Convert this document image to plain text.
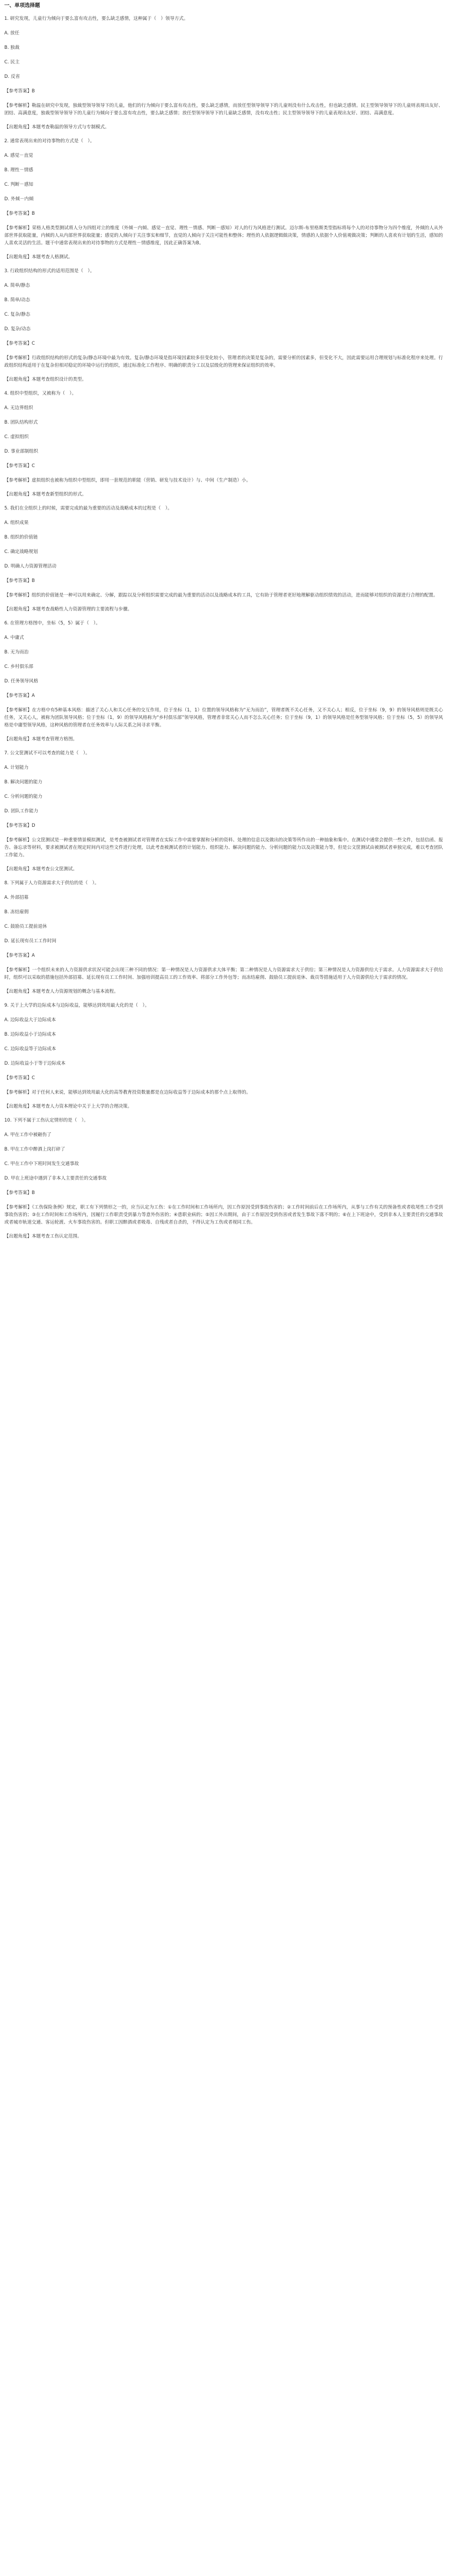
一、单项选择题
1. 研究发现，儿童行为倾向于要么富有攻击性，要么缺乏感情，这种属于（　）领导方式。
A. 放任
B. 独裁
C. 民主
D. 反省
【参考答案】B
【参考解析】勒温在研究中发现，独裁型领导领导下的儿童，他们的行为倾向于要么富有攻击性，要么缺乏感情，而放任型领导领导下的儿童则没有什么攻击性，但也缺乏感情。民主型领导领导下的儿童则表现出友好、团结、高满意度，独裁型领导领导下的儿童行为倾向于要么富有攻击性，要么缺乏感情；放任型领导领导下的儿童缺乏感情，没有攻击性；民主型领导领导下的儿童表现出友好、团结、高满意度。
【出题角度】本题考查勒温的领导方式与专制模式。
2. 通常表现出来的对待事物的方式是（　）。
A. 感觉－直觉
B. 理性－情感
C. 判断－感知
D. 外倾－内倾
【参考答案】B
【参考解析】荣格人格类型测试将人分为四组对立的维度（外倾－内倾、感觉－直觉、理性－情感、判断－感知）对人的行为风格进行测试。迈尔斯-布里格斯类型指标将每个人的对待事物分为四个维度，外倾的人从外部世界获取能量，内倾的人从内部世界获取能量；感觉的人倾向于关注事实和细节，直觉的人倾向于关注可能性和整体；理性的人依据逻辑做决策，情感的人依据个人价值观做决策；判断的人喜欢有计划的生活，感知的人喜欢灵活的生活。题干中通常表现出来的对待事物的方式是理性－情感维度，因此正确答案为B。
【出题角度】本题考查人格测试。
3. 行政组织结构的形式的适用范围是（　）。
A. 简单/静态
B. 简单/动态
C. 复杂/静态
D. 复杂/动态
【参考答案】C
【参考解析】行政组织结构的形式的复杂/静态环境中最为有效。复杂/静态环境是指环境因素较多但变化较小，管理者的决策是复杂的，需要分析的因素多，但变化不大，因此需要运用合理规划与标准化程序来处理。行政组织结构适用于在复杂但相对稳定的环境中运行的组织，通过标准化工作程序、明确的职责分工以及层级化的管理来保证组织的效率。
【出题角度】本题考查组织设计的类型。
4. 组织中型组织，又被称为（　）。
A. 无边界组织
B. 团队结构形式
C. 虚拟组织
D. 事业部制组织
【参考答案】C
【参考解析】虚拟组织也被称为组织中型组织，即用一套规范的职能（营销、研发与技术设计）与、中间（生产制造）小。
【出题角度】本题考查新型组织的形式。
5. 我们在全组织上的时候，需要完成的最为重要的活动及战略成本的过程是（　）。
A. 组织成果
B. 组织的价值链
C. 确定战略规划
D. 明确人力资源管理活动
【参考答案】B
【参考解析】组织的价值链是一种可以用来确定、分解，跟踪以及分析组织需要完成的最为重要的活动以及战略成本的工具，它有助于管理者更好地理解驱动组织绩效的活动，进而能够对组织的资源进行合理的配置。
【出题角度】本题考查战略性人力资源管理的主要流程与步骤。
6. 在管理方格图中，坐标（5，5）属于（　）。
A. 中庸式
B. 无为而治
C. 乡村俱乐部
D. 任务领导风格
【参考答案】A
【参考解析】在方格中有5种基本风格：描述了关心人和关心任务的交互作用，位于坐标（1，1）位置的领导风格称为“无为而治”，管理者既不关心任务，又不关心人；相反，位于坐标（9，9）的领导风格则是既关心任务，又关心人，被称为团队领导风格；位于坐标（1，9）的领导风格称为“乡村俱乐部”领导风格，管理者非常关心人而不怎么关心任务；位于坐标（9，1）的领导风格是任务型领导风格；位于坐标（5，5）的领导风格是中庸型领导风格，这种风格的管理者在任务效率与人际关系之间寻求平衡。
【出题角度】本题考查管理方格图。
7. 公文筐测试不可以考查的能力是（　）。
A. 计划能力
B. 解决问题的能力
C. 分析问题的能力
D. 团队工作能力
【参考答案】D
【参考解析】公文筐测试是一种重要情景模拟测试，是考查被测试者对管理者在实际工作中需要掌握和分析的资料、处理的信息以及做出的决策等所作出的一种抽象和集中。在测试中通常会提供一些文件，包括信函、报告、备忘录等材料，要求被测试者在规定时间内对这些文件进行处理，以此考查被测试者的计划能力、组织能力、解决问题的能力、分析问题的能力以及决策能力等，但是公文筐测试由被测试者单独完成，难以考查团队工作能力。
【出题角度】本题考查公文筐测试。
8. 下列属于人力资源需求大于供给的是（　）。
A. 外部招募
B. 冻结雇佣
C. 鼓励员工提前退休
D. 延长现有员工工作时间
【参考答案】A
【参考解析】一个组织未来的人力资源供求状况可能会出现三种不同的情况：第一种情况是人力资源供求大体平衡；第二种情况是人力资源需求大于供给；第三种情况是人力资源供给大于需求。人力资源需求大于供给时，组织可以采取的措施包括外部招募、延长现有员工工作时间、加强培训提高员工的工作效率、将部分工作外包等；而冻结雇佣、鼓励员工提前退休、裁员等措施适用于人力资源供给大于需求的情况。
【出题角度】本题考查人力资源规划的概念与基本流程。
9. 关于上大学的边际成本与边际收益，能够达到效用最大化的是（　）。
A. 边际收益大于边际成本
B. 边际收益小于边际成本
C. 边际收益等于边际成本
D. 边际收益小于等于边际成本
【参考答案】C
【参考解析】对于任何人来说，能够达到效用最大化的高等教育投资数量都是在边际收益等于边际成本的那个点上取得的。
【出题角度】本题考查人力资本理论中关于上大学的合理决策。
10. 下列不属于工伤认定情形的是（　）。
A. 甲在工作中被砸伤了
B. 甲在工作中醉酒上岗打碎了
C. 甲在工作中下班时间发生交通事故
D. 甲在上班途中遇到了非本人主要责任的交通事故
【参考答案】B
【参考解析】《工伤保险条例》规定，职工有下列情形之一的，应当认定为工伤：①在工作时间和工作场所内，因工作原因受到事故伤害的；②工作时间前后在工作场所内，从事与工作有关的预备性或者收尾性工作受到事故伤害的；③在工作时间和工作场所内，因履行工作职责受到暴力等意外伤害的；④患职业病的；⑤因工外出期间，由于工作原因受到伤害或者发生事故下落不明的；⑥在上下班途中，受到非本人主要责任的交通事故或者城市轨道交通、客运轮渡、火车事故伤害的。但职工因醉酒或者吸毒、自残或者自杀的，不得认定为工伤或者视同工伤。
【出题角度】本题考查工伤认定范围。
